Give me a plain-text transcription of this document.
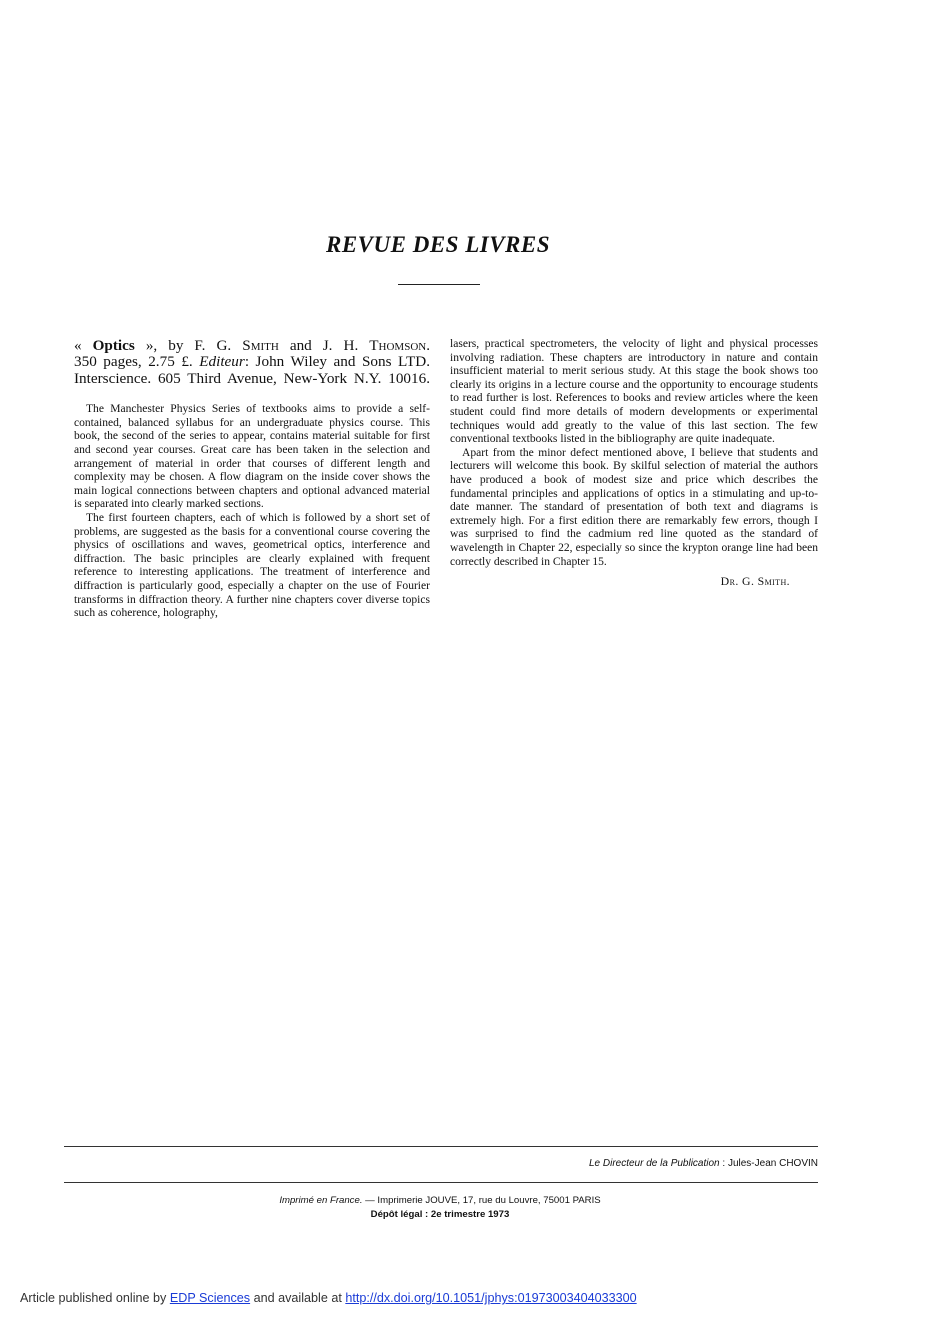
REVUE DES LIVRES

« Optics », by F. G. Smith and J. H. Thomson.
350 pages, 2.75 £. Editeur: John Wiley and Sons LTD.
Interscience. 605 Third Avenue, New-York N.Y. 10016.

The Manchester Physics Series of textbooks aims to provide a self-contained, balanced syllabus for an undergraduate physics course. This book, the second of the series to appear, contains material suitable for first and second year courses. Great care has been taken in the selection and arrangement of material in order that courses of different length and complexity may be chosen. A flow diagram on the inside cover shows the main logical connections between chapters and optional advanced material is separated into clearly marked sections.

The first fourteen chapters, each of which is followed by a short set of problems, are suggested as the basis for a conventional course covering the physics of oscillations and waves, geometrical optics, interference and diffraction. The basic principles are clearly explained with frequent reference to interesting applications. The treatment of interference and diffraction is particularly good, especially a chapter on the use of Fourier transforms in diffraction theory. A further nine chapters cover diverse topics such as coherence, holography,

lasers, practical spectrometers, the velocity of light and physical processes involving radiation. These chapters are introductory in nature and contain insufficient material to merit serious study. At this stage the book shows too clearly its origins in a lecture course and the opportunity to encourage students to read further is lost. References to books and review articles where the keen student could find more details of modern developments or experimental techniques would add greatly to the value of this last section. The few conventional textbooks listed in the bibliography are quite inadequate.

Apart from the minor defect mentioned above, I believe that students and lecturers will welcome this book. By skilful selection of material the authors have produced a book of modest size and price which describes the fundamental principles and applications of optics in a stimulating and up-to-date manner. The standard of presentation of both text and diagrams is extremely high. For a first edition there are remarkably few errors, though I was surprised to find the cadmium red line quoted as the standard of wavelength in Chapter 22, especially so since the krypton orange line had been correctly described in Chapter 15.

Dr. G. Smith.
Le Directeur de la Publication : Jules-Jean CHOVIN
Imprimé en France. — Imprimerie JOUVE, 17, rue du Louvre, 75001 PARIS
Dépôt légal : 2e trimestre 1973
Article published online by EDP Sciences and available at http://dx.doi.org/10.1051/jphys:01973003404033300
